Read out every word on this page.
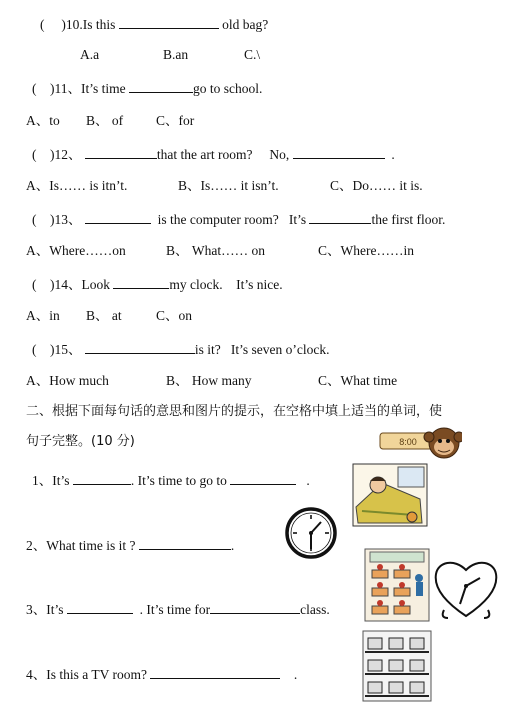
(     )10.Is this	old bag?
A.a	B.an	C.\
(    )11、It’s time	go to school.
A、to B、 of C、for
(    )12、	that the art room? No,	.
A、Is…… is itn’t.	B、Is…… it isn’t.	C、Do…… it is.
(    )13、	is the computer room? It’s	the first floor.
A、Where……on	B、 What…… on	C、Where……in
(    )14、Look	my clock. It’s nice.
A、in B、 at	C、on
(    )15、	is it? It’s seven o’clock.
A、How much	B、 How many	C、What time
二、根据下面每句话的意思和图片的提示，在空格中填上适当的单词，使
句子完整。(10 分)
1、It’s	. It’s time to go to	.
2、What time is it ?	.
3、It’s	. It’s time for	class.
4、Is this a TV room?	.
8:00
